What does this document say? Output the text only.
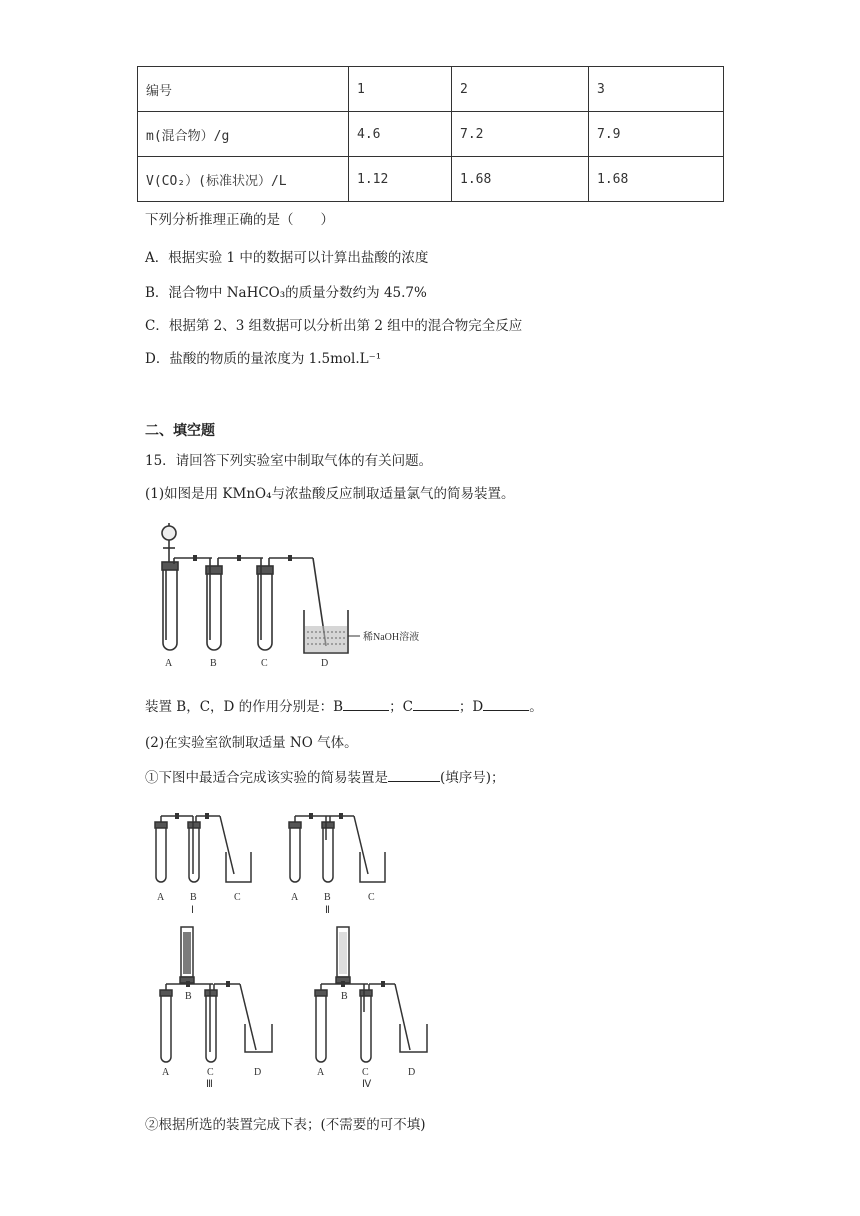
编号	1	2	3
m(混合物）/g	4.6	7.2	7.9
V(CO₂）(标准状况）/L	1.12	1.68	1.68
下列分析推理正确的是（　　）
A．根据实验 1 中的数据可以计算出盐酸的浓度
B．混合物中 NaHCO₃的质量分数约为 45.7%
C．根据第 2、3 组数据可以分析出第 2 组中的混合物完全反应
D．盐酸的物质的量浓度为 1.5mol.L⁻¹
二、填空题
15．请回答下列实验室中制取气体的有关问题。
(1)如图是用 KMnO₄与浓盐酸反应制取适量氯气的简易装置。
稀NaOH溶液
A	B	C	D
装置 B，C，D 的作用分别是：B	；C	；D	。
(2)在实验室欲制取适量 NO 气体。
①下图中最适合完成该实验的简易装置是	(填序号)；
A	B	C
Ⅰ
A	B	C
Ⅱ
A
B
C	D
Ⅲ
A
B
C	D
Ⅳ
②根据所选的装置完成下表；(不需要的可不填)
